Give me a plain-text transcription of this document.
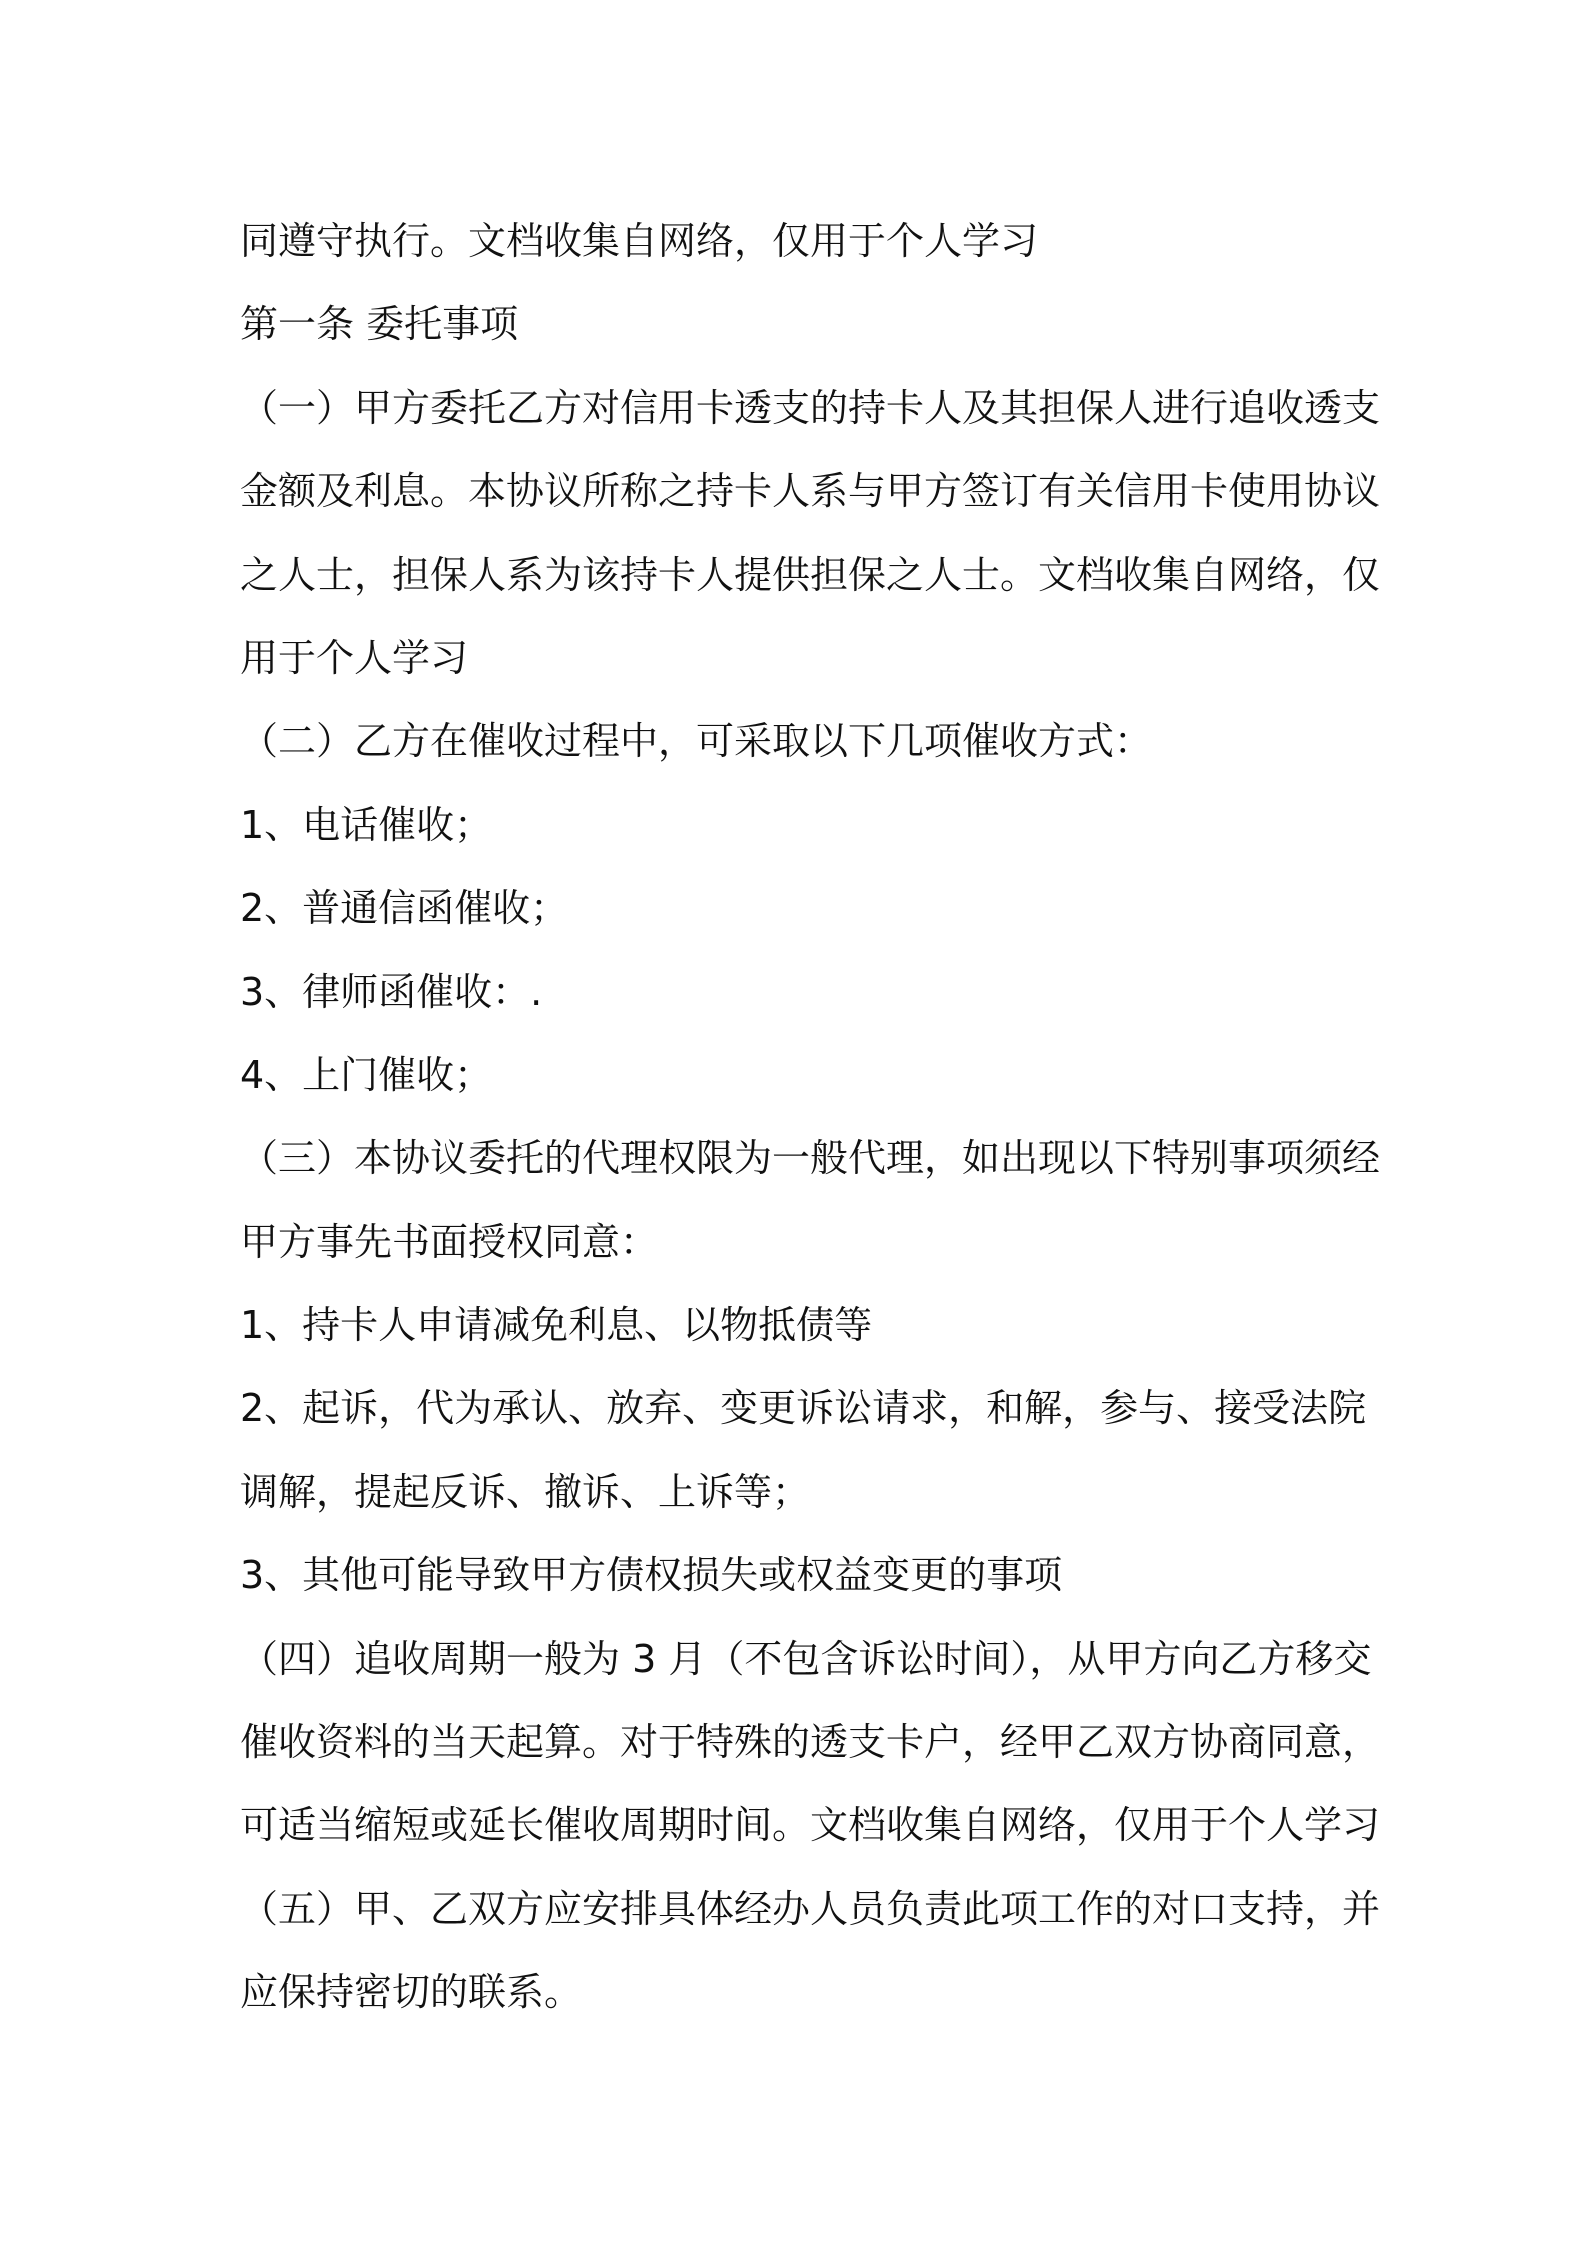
同遵守执行。文档收集自网络，仅用于个人学习
第一条 委托事项
（一）甲方委托乙方对信用卡透支的持卡人及其担保人进行追收透支
金额及利息。本协议所称之持卡人系与甲方签订有关信用卡使用协议
之人士，担保人系为该持卡人提供担保之人士。文档收集自网络，仅
用于个人学习
（二）乙方在催收过程中，可采取以下几项催收方式：
1、电话催收；
2、普通信函催收；
3、律师函催收：.
4、上门催收；
（三）本协议委托的代理权限为一般代理，如出现以下特别事项须经
甲方事先书面授权同意：
1、持卡人申请减免利息、以物抵债等
2、起诉，代为承认、放弃、变更诉讼请求，和解，参与、接受法院
调解，提起反诉、撤诉、上诉等；
3、其他可能导致甲方债权损失或权益变更的事项
（四）追收周期一般为 3 月（不包含诉讼时间），从甲方向乙方移交
催收资料的当天起算。对于特殊的透支卡户，经甲乙双方协商同意，
可适当缩短或延长催收周期时间。文档收集自网络，仅用于个人学习
（五）甲、乙双方应安排具体经办人员负责此项工作的对口支持，并
应保持密切的联系。
